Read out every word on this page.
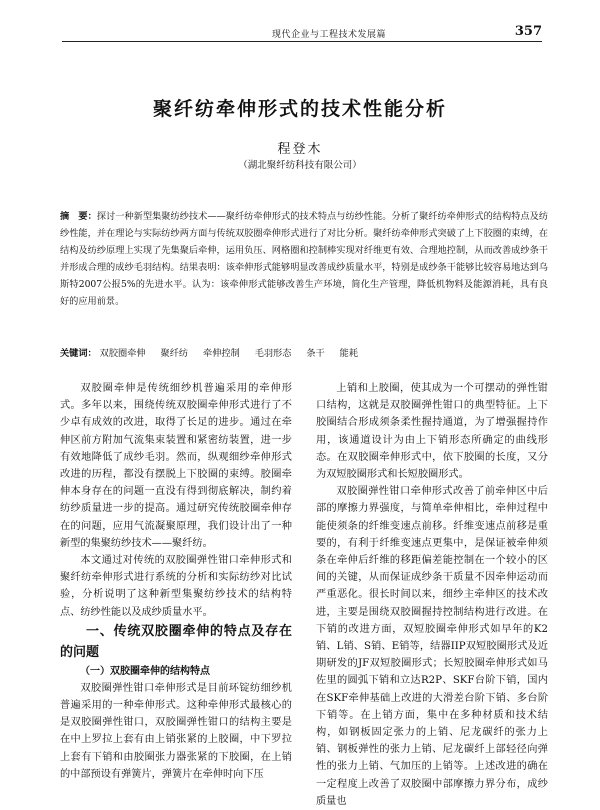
现代企业与工程技术发展篇	357
聚纤纺牵伸形式的技术性能分析
程登木
（湖北聚纤纺科技有限公司）
摘　要：探讨一种新型集聚纺纱技术——聚纤纺牵伸形式的技术特点与纺纱性能。分析了聚纤纺牵伸形式的结构特点及纺纱性能，并在理论与实际纺纱两方面与传统双胶圈牵伸形式进行了对比分析。聚纤纺牵伸形式突破了上下胶圈的束缚，在结构及纺纱原理上实现了先集聚后牵伸，运用负压、网格圈和控制棒实现对纤维更有效、合理地控制，从而改善成纱条干并形成合理的成纱毛羽结构。结果表明：该牵伸形式能够明显改善成纱质量水平，特别是成纱条干能够比较容易地达到乌斯特2007公报5%的先进水平。认为：该牵伸形式能够改善生产环境，简化生产管理，降低机物料及能源消耗，具有良好的应用前景。
关键词： 双胶圈牵伸 聚纤纺 牵伸控制 毛羽形态 条干 能耗

双胶圈牵伸是传统细纱机普遍采用的牵伸形式。多年以来，围绕传统双胶圈牵伸形式进行了不少卓有成效的改进，取得了长足的进步。通过在牵伸区前方附加气流集束装置和紧密纺装置，进一步有效地降低了成纱毛羽。然而，纵观细纱牵伸形式改进的历程，都没有摆脱上下胶圈的束缚。胶圈牵伸本身存在的问题一直没有得到彻底解决，制约着纺纱质量进一步的提高。通过研究传统胶圈牵伸存在的问题，应用气流凝聚原理，我们设计出了一种新型的集聚纺纱技术——聚纤纺。

本文通过对传统的双胶圈弹性钳口牵伸形式和聚纤纺牵伸形式进行系统的分析和实际纺纱对比试验，分析说明了这种新型集聚纺纱技术的结构特点、纺纱性能以及成纱质量水平。

一、传统双胶圈牵伸的特点及存在的问题

（一）双胶圈牵伸的结构特点

双胶圈弹性钳口牵伸形式是目前环锭纺细纱机普遍采用的一种牵伸形式。这种牵伸形式最核心的是双胶圈弹性钳口，双胶圈弹性钳口的结构主要是在中上罗拉上套有由上销张紧的上胶圈，中下罗拉上套有下销和由胶圈张力器张紧的下胶圈，在上销的中部预设有弹簧片，弹簧片在牵伸时向下压

上销和上胶圈，使其成为一个可摆动的弹性钳口结构，这就是双胶圈弹性钳口的典型特征。上下胶圈结合形成须条柔性握持通道，为了增强握持作用，该通道设计为由上下销形态所确定的曲线形态。在双胶圈牵伸形式中，依下胶圈的长度，又分为双短胶圈形式和长短胶圈形式。

双胶圈弹性钳口牵伸形式改善了前牵伸区中后部的摩擦力界强度，与简单牵伸相比，牵伸过程中能使须条的纤维变速点前移。纤维变速点前移是重要的，有利于纤维变速点更集中，是保证被牵伸须条在牵伸后纤维的移距偏差能控制在一个较小的区间的关键，从而保证成纱条干质量不因牵伸运动而严重恶化。很长时间以来，细纱主牵伸区的技术改进，主要是围绕双胶圈握持控制结构进行改进。在下销的改进方面，双短胶圈牵伸形式如早年的K2销、L销、S销、E销等，结器IIP双短胶圈形式及近期研发的JF双短胶圈形式；长短胶圈牵伸形式如马佐里的圆弧下销和立达R2P、SKF台阶下销，国内在SKF牵伸基础上改进的大滑差台阶下销、多台阶下销等。在上销方面，集中在多种材质和技术结构，如钢板固定张力的上销、尼龙碳纤的张力上销、钢板弹性的张力上销、尼龙碳纤上部轻径向弹性的张力上销、气加压的上销等。上述改进的确在一定程度上改善了双胶圈中部摩擦力界分布，成纱质量也
